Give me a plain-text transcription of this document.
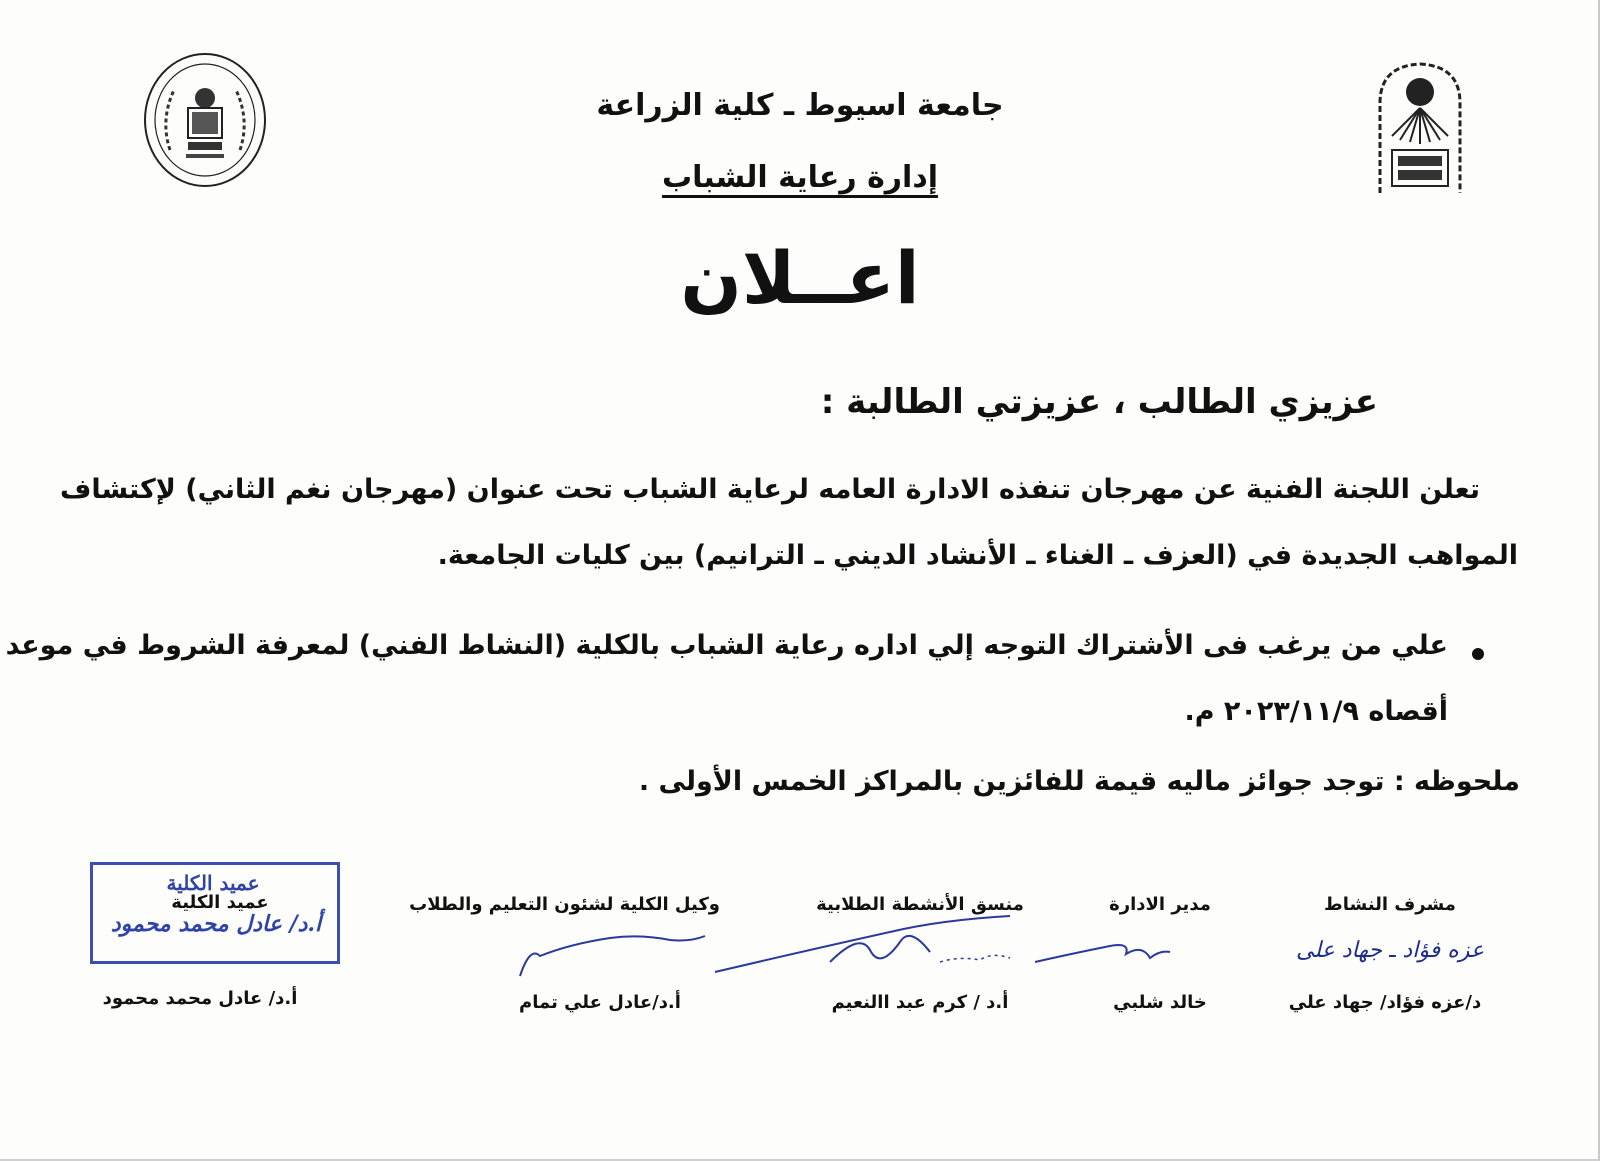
جامعة اسيوط ـ كلية الزراعة
إدارة رعاية الشباب
اعــلان
عزيزي الطالب ، عزيزتي الطالبة :
تعلن اللجنة الفنية عن مهرجان تنفذه الادارة العامه لرعاية الشباب تحت عنوان (مهرجان نغم الثاني) لإكتشاف
المواهب الجديدة في (العزف ـ الغناء ـ الأنشاد الديني ـ الترانيم) بين كليات الجامعة.
علي من يرغب فى الأشتراك التوجه إلي اداره رعاية الشباب بالكلية (النشاط الفني) لمعرفة الشروط في موعد
أقصاه ٢٠٢٣/١١/٩ م.
ملحوظه : توجد جوائز ماليه قيمة للفائزين بالمراكز الخمس الأولى .
مشرف النشاط
عزه فؤاد ـ جهاد على
د/عزه فؤاد/ جهاد علي
مدير الادارة
خالد شلبي
منسق الأنشطة الطلابية
أ.د / كرم عبد االنعيم
وكيل الكلية لشئون التعليم والطلاب
أ.د/عادل علي تمام
عميد الكلية
أ.د/ عادل محمد محمود
عميد الكلية
أ.د/ عادل محمد محمود
